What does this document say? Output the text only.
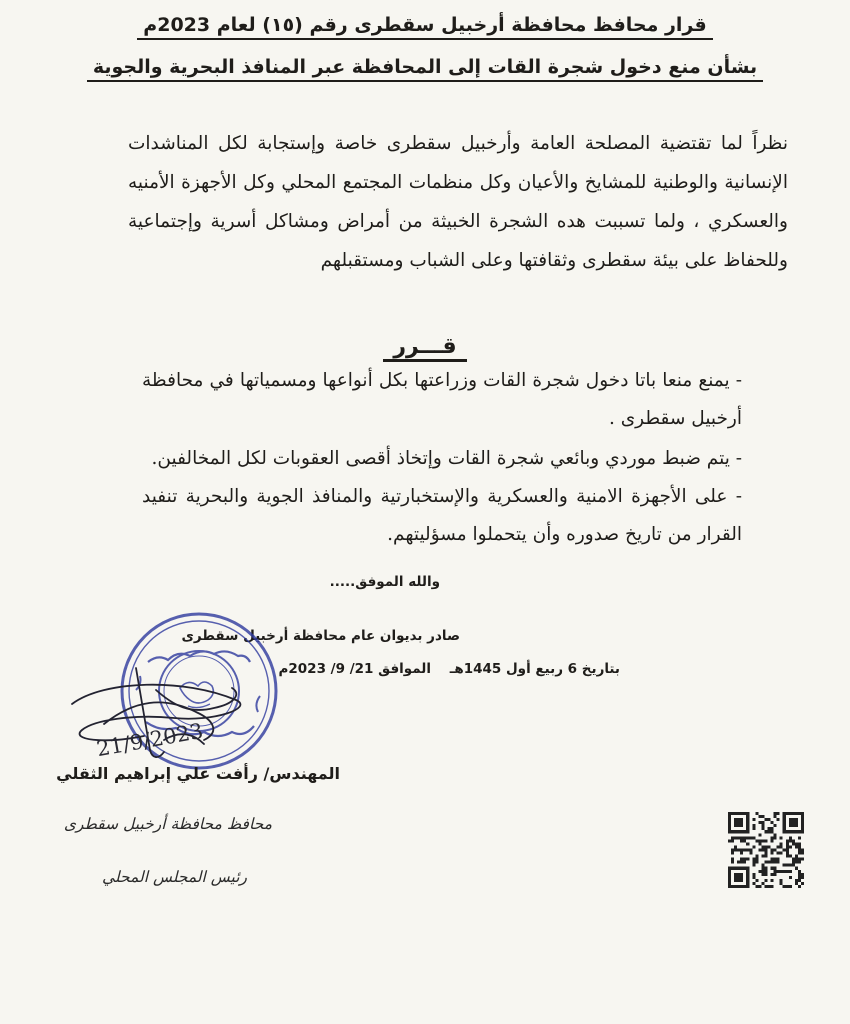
قرار محافظ محافظة أرخبيل سقطرى رقم (١٥) لعام 2023م
بشأن منع دخول شجرة القات إلى المحافظة عبر المنافذ البحرية والجوية
نظراً لما تقتضية المصلحة العامة وأرخبيل سقطرى خاصة وإستجابة لكل المناشدات الإنسانية والوطنية للمشايخ والأعيان وكل منظمات المجتمع المحلي وكل الأجهزة الأمنيه والعسكري ، ولما تسببت هده الشجرة الخبيثة من أمراض ومشاكل أسرية وإجتماعية وللحفاظ على بيئة سقطرى وثقافتها وعلى الشباب ومستقبلهم
قـــرر
- يمنع منعا باتا دخول شجرة القات وزراعتها بكل أنواعها ومسمياتها في محافظة أرخبيل سقطرى .
- يتم ضبط موردي وبائعي شجرة القات وإتخاذ أقصى العقوبات لكل المخالفين.
- على الأجهزة الامنية والعسكرية والإستخبارتية والمنافذ الجوية والبحرية تنفيد القرار من تاريخ صدوره وأن يتحملوا مسؤليتهم.
والله الموفق.....
صادر بديوان عام محافظة أرخبيل سقطرى
بتاريخ 6 ربيع أول 1445هـ الموافق 21/ 9/ 2023م
21/9/2023
المهندس/ رأفت علي إبراهيم الثقلي
محافظ محافظة أرخبيل سقطرى
رئيس المجلس المحلي
